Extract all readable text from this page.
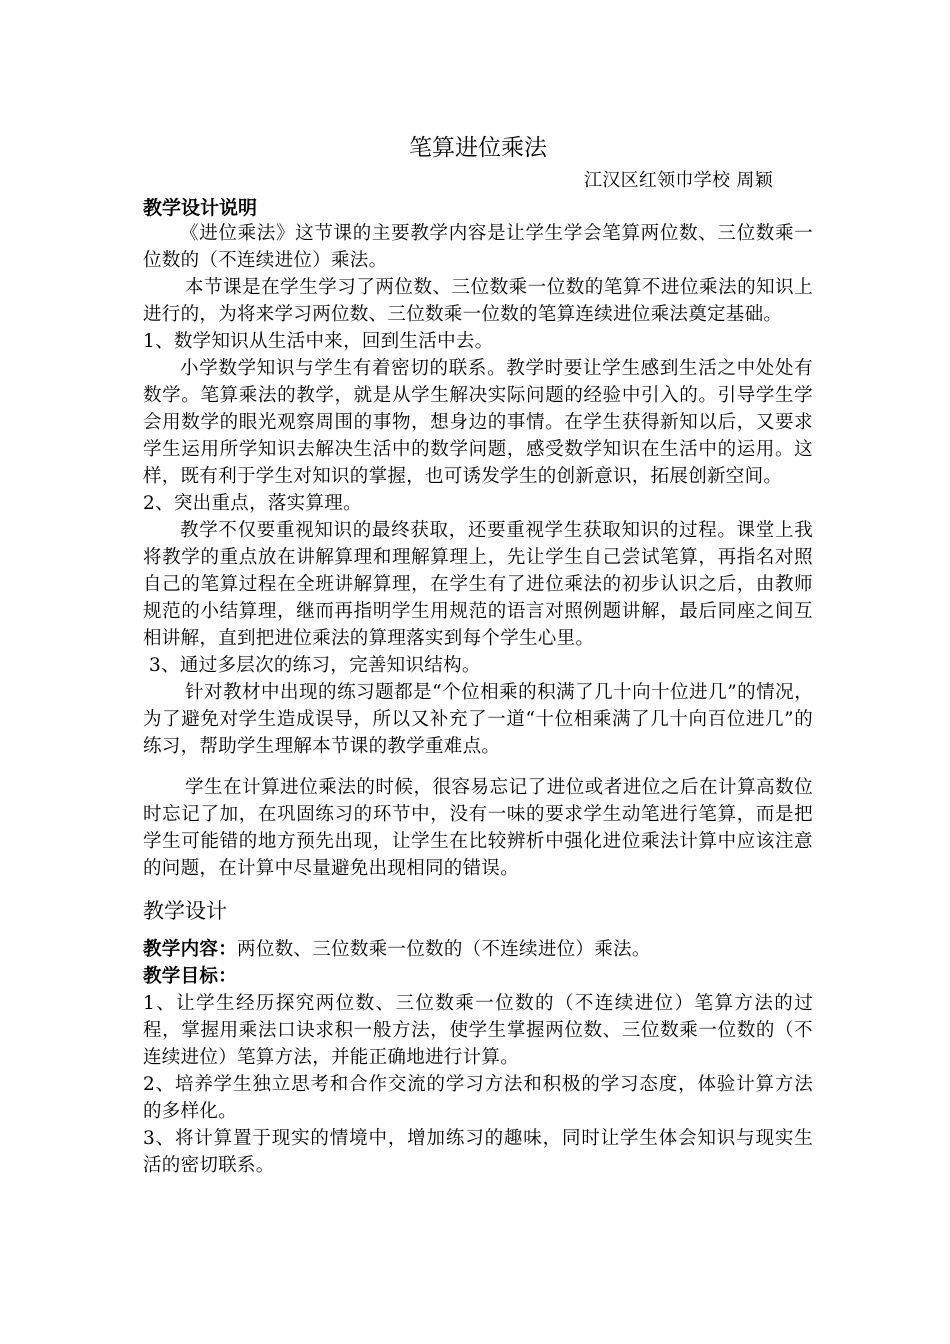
笔算进位乘法

江汉区红领巾学校 周颖

教学设计说明

《进位乘法》这节课的主要教学内容是让学生学会笔算两位数、三位数乘一位数的（不连续进位）乘法。

本节课是在学生学习了两位数、三位数乘一位数的笔算不进位乘法的知识上进行的，为将来学习两位数、三位数乘一位数的笔算连续进位乘法奠定基础。

1、数学知识从生活中来，回到生活中去。

小学数学知识与学生有着密切的联系。教学时要让学生感到生活之中处处有数学。笔算乘法的教学，就是从学生解决实际问题的经验中引入的。引导学生学会用数学的眼光观察周围的事物，想身边的事情。在学生获得新知以后，又要求学生运用所学知识去解决生活中的数学问题，感受数学知识在生活中的运用。这样，既有利于学生对知识的掌握，也可诱发学生的创新意识，拓展创新空间。

2、突出重点，落实算理。

教学不仅要重视知识的最终获取，还要重视学生获取知识的过程。课堂上我将教学的重点放在讲解算理和理解算理上，先让学生自己尝试笔算，再指名对照自己的笔算过程在全班讲解算理，在学生有了进位乘法的初步认识之后，由教师规范的小结算理，继而再指明学生用规范的语言对照例题讲解，最后同座之间互相讲解，直到把进位乘法的算理落实到每个学生心里。

3、通过多层次的练习，完善知识结构。

针对教材中出现的练习题都是“个位相乘的积满了几十向十位进几”的情况，为了避免对学生造成误导，所以又补充了一道“十位相乘满了几十向百位进几”的练习，帮助学生理解本节课的教学重难点。

学生在计算进位乘法的时候，很容易忘记了进位或者进位之后在计算高数位时忘记了加，在巩固练习的环节中，没有一味的要求学生动笔进行笔算，而是把学生可能错的地方预先出现，让学生在比较辨析中强化进位乘法计算中应该注意的问题，在计算中尽量避免出现相同的错误。

教学设计

教学内容：两位数、三位数乘一位数的（不连续进位）乘法。

教学目标：

1、让学生经历探究两位数、三位数乘一位数的（不连续进位）笔算方法的过程，掌握用乘法口诀求积一般方法，使学生掌握两位数、三位数乘一位数的（不连续进位）笔算方法，并能正确地进行计算。

2、培养学生独立思考和合作交流的学习方法和积极的学习态度，体验计算方法的多样化。

3、将计算置于现实的情境中，增加练习的趣味，同时让学生体会知识与现实生活的密切联系。
